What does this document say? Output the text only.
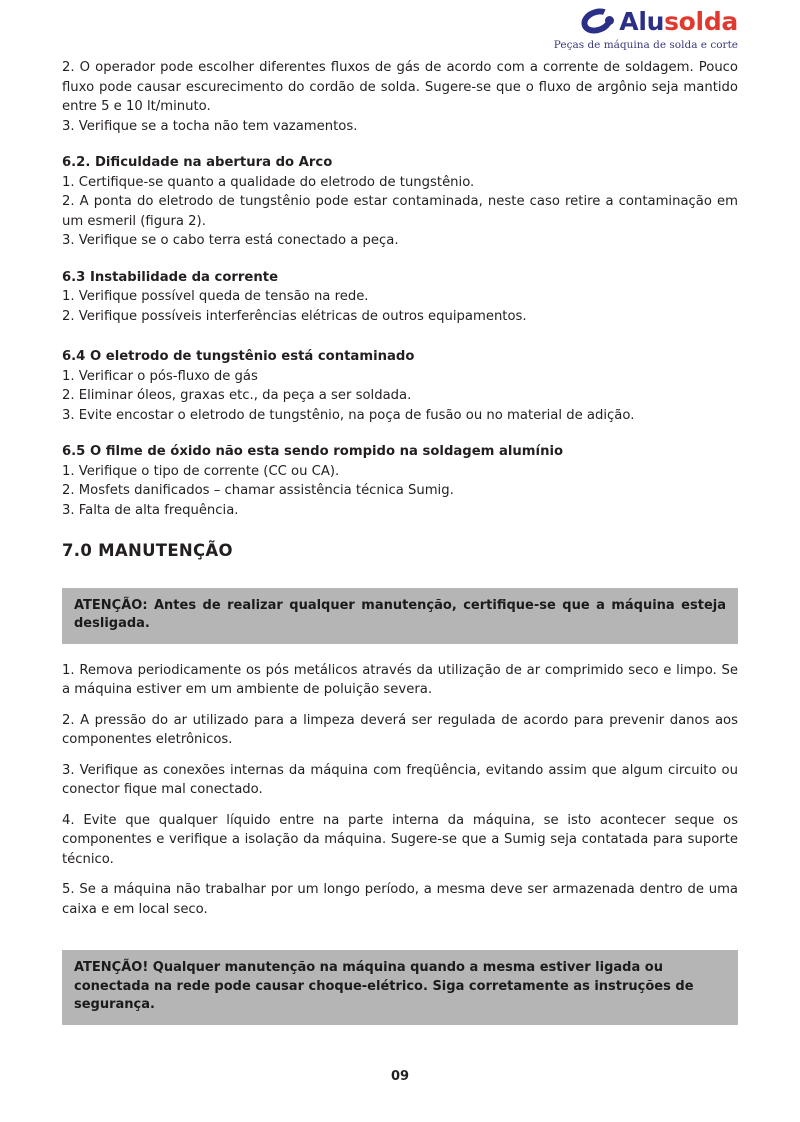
Alusolda
Peças de máquina de solda e corte

2. O operador pode escolher diferentes fluxos de gás de acordo com a corrente de soldagem. Pouco fluxo pode causar escurecimento do cordão de solda. Sugere-se que o fluxo de argônio seja mantido entre 5 e 10 lt/minuto.

3. Verifique se a tocha não tem vazamentos.

6.2. Dificuldade na abertura do Arco

1. Certifique-se quanto a qualidade do eletrodo de tungstênio.

2. A ponta do eletrodo de tungstênio pode estar contaminada, neste caso retire a contaminação em um esmeril (figura 2).

3. Verifique se o cabo terra está conectado a peça.

6.3 Instabilidade da corrente

1. Verifique possível queda de tensão na rede.

2. Verifique possíveis interferências elétricas de outros equipamentos.

6.4 O eletrodo de tungstênio está contaminado

1. Verificar o pós-fluxo de gás

2. Eliminar óleos, graxas etc., da peça a ser soldada.

3. Evite encostar o eletrodo de tungstênio, na poça de fusão ou no material de adição.

6.5 O filme de óxido não esta sendo rompido na soldagem alumínio

1. Verifique o tipo de corrente (CC ou CA).

2. Mosfets danificados – chamar assistência técnica Sumig.

3. Falta de alta frequência.

7.0 MANUTENÇÃO

ATENÇÃO: Antes de realizar qualquer manutenção, certifique-se que a máquina esteja desligada.

1. Remova periodicamente os pós metálicos através da utilização de ar comprimido seco e limpo. Se a máquina estiver em um ambiente de poluição severa.

2. A pressão do ar utilizado para a limpeza deverá ser regulada de acordo para prevenir danos aos componentes eletrônicos.

3. Verifique as conexões internas da máquina com freqüência, evitando assim que algum circuito ou conector fique mal conectado.

4. Evite que qualquer líquido entre na parte interna da máquina, se isto acontecer seque os componentes e verifique a isolação da máquina. Sugere-se que a Sumig seja contatada para suporte técnico.

5. Se a máquina não trabalhar por um longo período, a mesma deve ser armazenada dentro de uma caixa e em local seco.

ATENÇÃO! Qualquer manutenção na máquina quando a mesma estiver ligada ou conectada na rede pode causar choque-elétrico. Siga corretamente as instruções de segurança.
09
